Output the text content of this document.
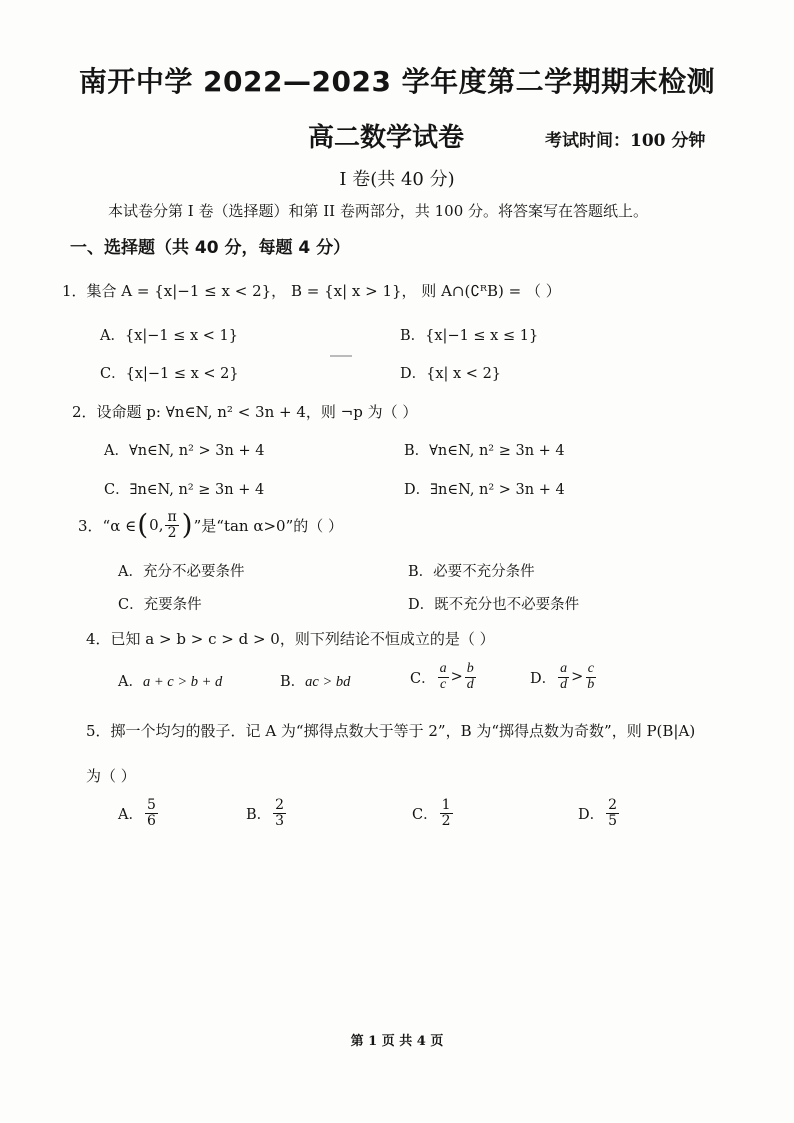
南开中学 2022—2023 学年度第二学期期末检测
高二数学试卷	考试时间：100 分钟
I 卷(共 40 分)
本试卷分第 I 卷（选择题）和第 II 卷两部分，共 100 分。将答案写在答题纸上。
一、选择题（共 40 分，每题 4 分）
1．集合 A = {x|−1 ≤ x < 2}， B = {x| x > 1}， 则 A∩(∁ᴿB) = （ ）
A．{x|−1 ≤ x < 1}	B．{x|−1 ≤ x ≤ 1}
C．{x|−1 ≤ x < 2}	D．{x| x < 2}
2．设命题 p: ∀n∈N, n² < 3n + 4，则 ¬p 为（ ）
A．∀n∈N, n² > 3n + 4	B．∀n∈N, n² ≥ 3n + 4
C．∃n∈N, n² ≥ 3n + 4	D．∃n∈N, n² > 3n + 4
3．“α ∈ ( 0, $\frac{\pi}{2}$ ) ”是“tan α>0”的（ ）
A．充分不必要条件	B．必要不充分条件
C．充要条件	D．既不充分也不必要条件
4．已知 a > b > c > d > 0，则下列结论不恒成立的是（ ）
A．a + c > b + d	B．ac > bd	C． $\frac{a}{c} > \frac{b}{d}$	D． $\frac{a}{d} > \frac{c}{b}$
5．掷一个均匀的骰子．记 A 为“掷得点数大于等于 2”，B 为“掷得点数为奇数”，则 P(B|A)
为（ ）
A． $\frac{5}{6}$	B． $\frac{2}{3}$	C． $\frac{1}{2}$	D． $\frac{2}{5}$
第 1 页 共 4 页
